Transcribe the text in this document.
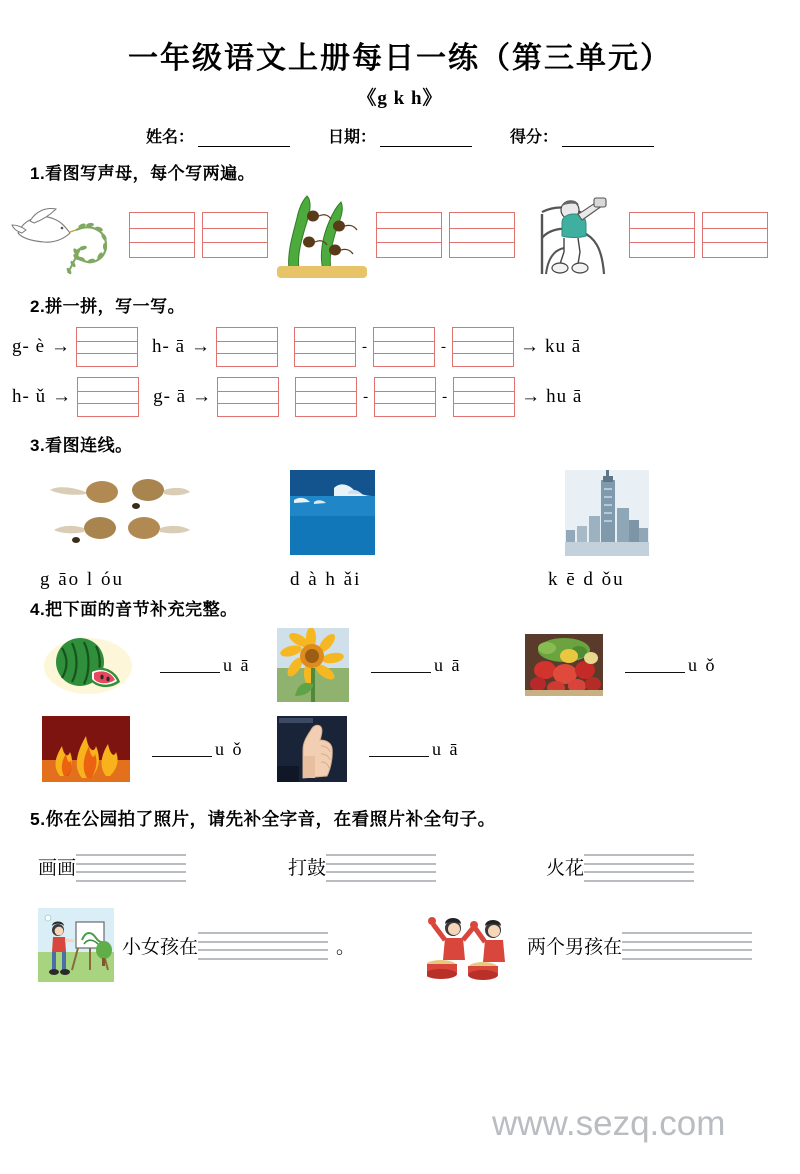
一年级语文上册每日一练（第三单元）
《g k h》
姓名：	日期：	得分：
1.看图写声母，每个写两遍。
2.拼一拼，写一写。
g- è →	h- ā →	-	-	→ ku ā
h- ǔ →	g- ā →	-	-	→ hu ā
3.看图连线。
g āo l óu	d à h ǎi	k ē d ǒu
4.把下面的音节补充完整。
u ā	u ā	u ǒ
u ǒ	u ā
5.你在公园拍了照片，请先补全字音，在看照片补全句子。
画画	打鼓	火花
小女孩在	。	两个男孩在
www.sezq.com
